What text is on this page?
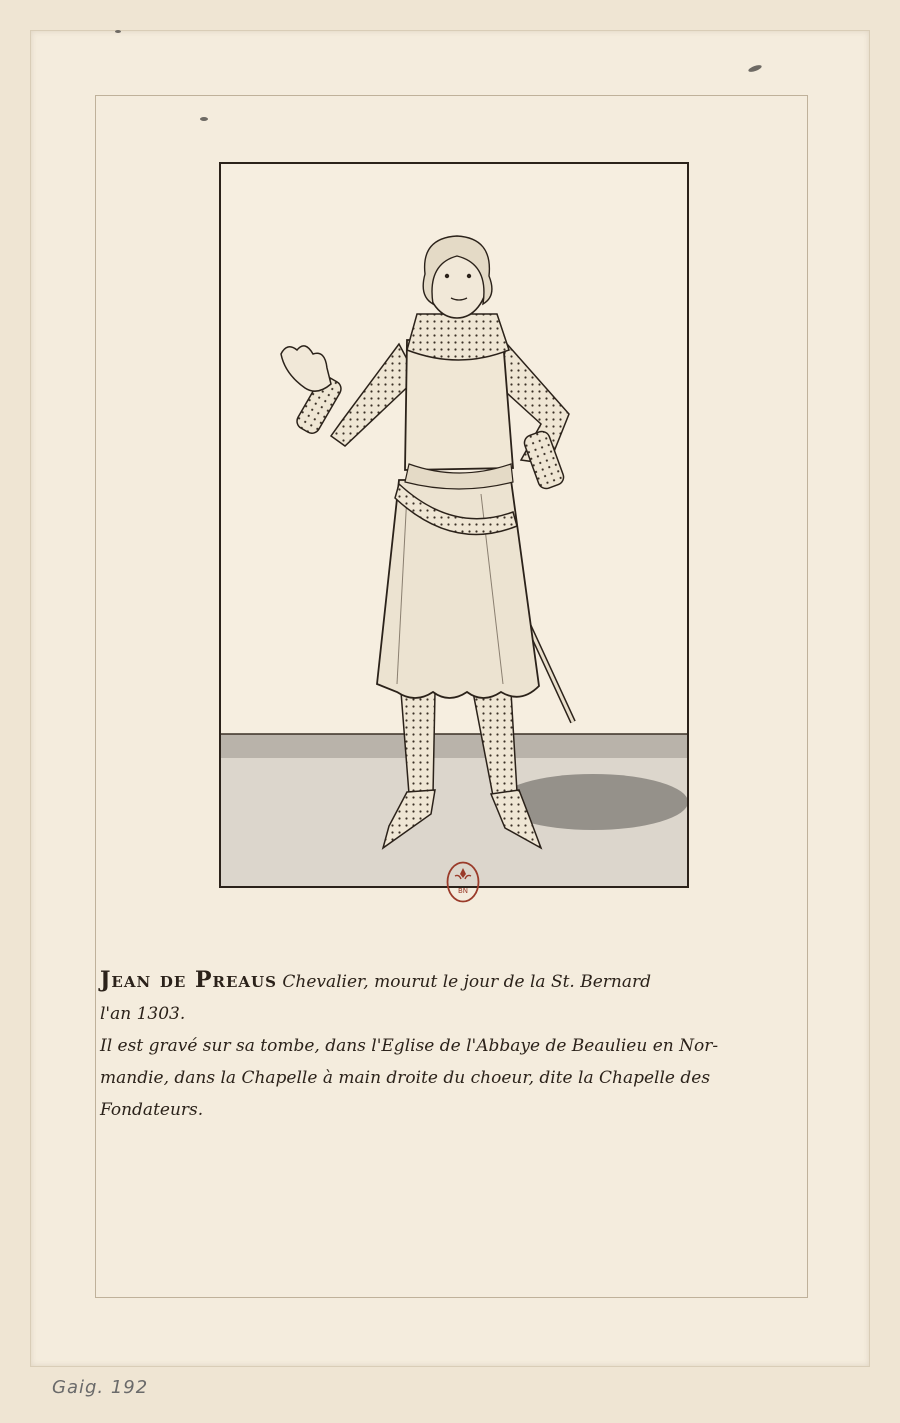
BN

Jean de Preaus Chevalier, mourut le jour de la St. Bernard

l'an 1303.

Il est gravé sur sa tombe, dans l'Eglise de l'Abbaye de Beaulieu en Nor-

mandie, dans la Chapelle à main droite du choeur, dite la Chapelle des Fondateurs.

Gaig. 192
